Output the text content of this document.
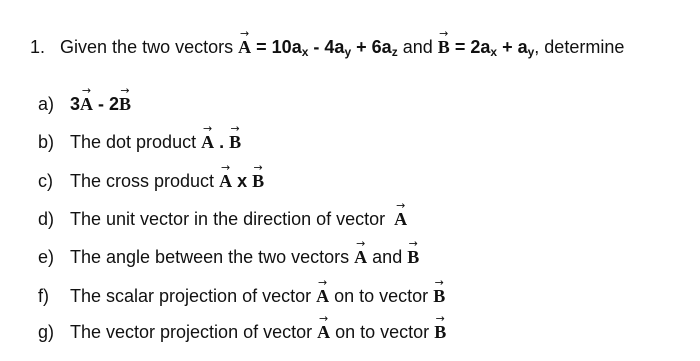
1. Given the two vectors
→
$A = 10a_x - 4a_y + 6a_z$ and
→
$B = 2a_x + a_y$, determine
a) 3
→
A - 2
→
B
b) The dot product
→
A .
→
B
c) The cross product
→
A x
→
B
d) The unit vector in the direction of vector
→
A
e) The angle between the two vectors
→
A and
→
B
f) The scalar projection of vector
→
A on to vector
→
B
g) The vector projection of vector
→
A on to vector
→
B
